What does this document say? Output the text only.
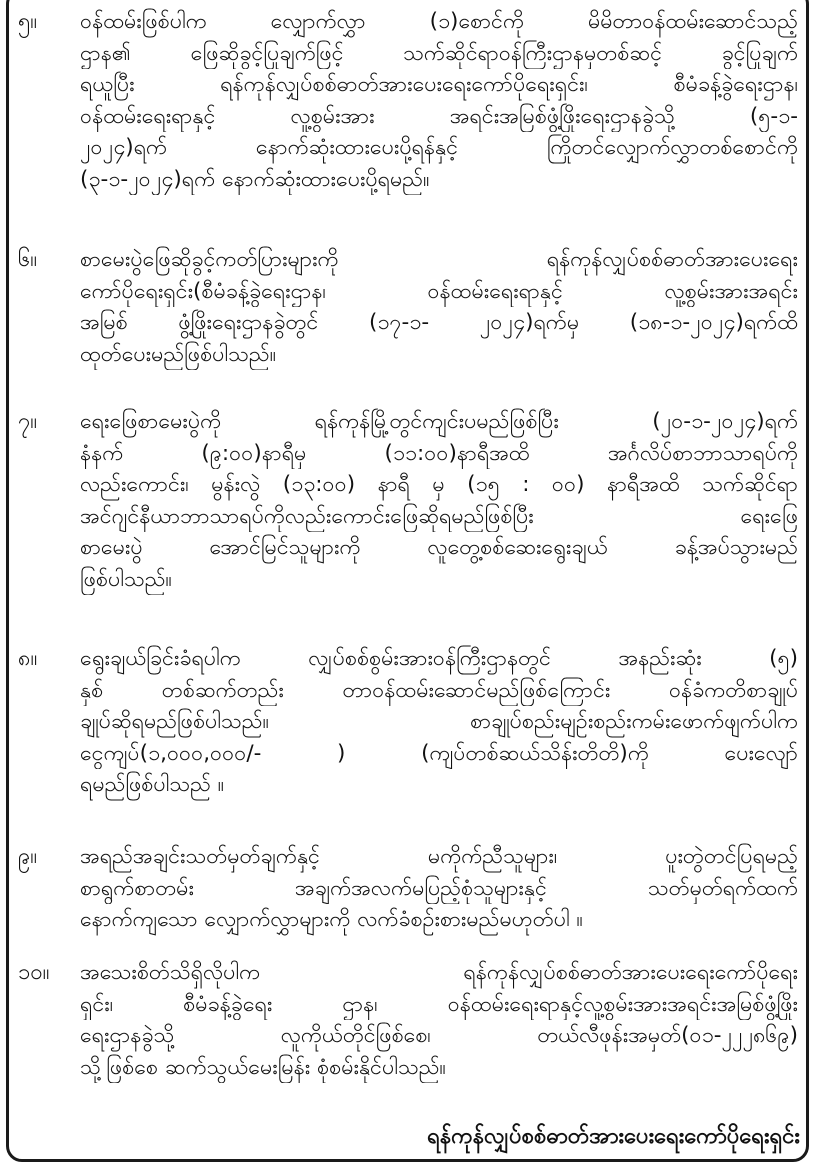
၅။	ဝန်ထမ်းဖြစ်ပါက လျှောက်လွှာ (၁)စောင်ကို မိမိတာဝန်ထမ်းဆောင်သည့်
ဌာန၏ ဖြေဆိုခွင့်ပြုချက်ဖြင့် သက်ဆိုင်ရာဝန်ကြီးဌာနမှတစ်ဆင့် ခွင့်ပြုချက်
ရယူပြီး ရန်ကုန်လျှပ်စစ်ဓာတ်အားပေးရေးကော်ပိုရေးရှင်း၊ စီမံခန့်ခွဲရေးဌာန၊
ဝန်ထမ်းရေးရာနှင့် လူ့စွမ်းအား အရင်းအမြစ်ဖွံ့ဖြိုးရေးဌာနခွဲသို့ (၅-၁-
၂၀၂၄)ရက် နောက်ဆုံးထားပေးပို့ရန်နှင့် ကြိုတင်လျှောက်လွှာတစ်စောင်ကို
(၃-၁-၂၀၂၄)ရက် နောက်ဆုံးထားပေးပို့ရမည်။
၆။	စာမေးပွဲဖြေဆိုခွင့်ကတ်ပြားများကို ရန်ကုန်လျှပ်စစ်ဓာတ်အားပေးရေး
ကော်ပိုရေးရှင်း(စီမံခန့်ခွဲရေးဌာန၊ ဝန်ထမ်းရေးရာနှင့် လူ့စွမ်းအားအရင်း
အမြစ် ဖွံ့ဖြိုးရေးဌာနခွဲတွင် (၁၇-၁- ၂၀၂၄)ရက်မှ (၁၈-၁-၂၀၂၄)ရက်ထိ
ထုတ်ပေးမည်ဖြစ်ပါသည်။
၇။	ရေးဖြေစာမေးပွဲကို ရန်ကုန်မြို့တွင်ကျင်းပမည်ဖြစ်ပြီး (၂၀-၁-၂၀၂၄)ရက်
နံနက် (၉:၀၀)နာရီမှ (၁၁:၀၀)နာရီအထိ အင်္ဂလိပ်စာဘာသာရပ်ကို
လည်းကောင်း၊ မွန်းလွဲ (၁၃:၀၀) နာရီ မှ (၁၅ : ၀၀) နာရီအထိ သက်ဆိုင်ရာ
အင်ဂျင်နီယာဘာသာရပ်ကိုလည်းကောင်းဖြေဆိုရမည်ဖြစ်ပြီး ရေးဖြေ
စာမေးပွဲ အောင်မြင်သူများကို လူတွေ့စစ်ဆေးရွေးချယ် ခန့်အပ်သွားမည်
ဖြစ်ပါသည်။
၈။	ရွေးချယ်ခြင်းခံရပါက လျှပ်စစ်စွမ်းအားဝန်ကြီးဌာနတွင် အနည်းဆုံး (၅)
နှစ် တစ်ဆက်တည်း တာဝန်ထမ်းဆောင်မည်ဖြစ်ကြောင်း ဝန်ခံကတိစာချုပ်
ချုပ်ဆိုရမည်ဖြစ်ပါသည်။ စာချုပ်စည်းမျဉ်းစည်းကမ်းဖောက်ဖျက်ပါက
ငွေကျပ်(၁,၀၀၀,၀၀၀/- ) (ကျပ်တစ်ဆယ်သိန်းတိတိ)ကို ပေးလျော်
ရမည်ဖြစ်ပါသည် ။
၉။	အရည်အချင်းသတ်မှတ်ချက်နှင့် မကိုက်ညီသူများ၊ ပူးတွဲတင်ပြရမည့်
စာရွက်စာတမ်း အချက်အလက်မပြည့်စုံသူများနှင့် သတ်မှတ်ရက်ထက်
နောက်ကျသော လျှောက်လွှာများကို လက်ခံစဉ်းစားမည်မဟုတ်ပါ ။
၁၀။	အသေးစိတ်သိရှိလိုပါက ရန်ကုန်လျှပ်စစ်ဓာတ်အားပေးရေးကော်ပိုရေး
ရှင်း၊ စီမံခန့်ခွဲရေး ဌာန၊ ဝန်ထမ်းရေးရာနှင့်လူ့စွမ်းအားအရင်းအမြစ်ဖွံ့ဖြိုး
ရေးဌာနခွဲသို့ လူကိုယ်တိုင်ဖြစ်စေ၊ တယ်လီဖုန်းအမှတ်(၀၁-၂၂၂၈၆၉)
သို့ဖြစ်စေ ဆက်သွယ်မေးမြန်း စုံစမ်းနိုင်ပါသည်။
ရန်ကုန်လျှပ်စစ်ဓာတ်အားပေးရေးကော်ပိုရေးရှင်း
